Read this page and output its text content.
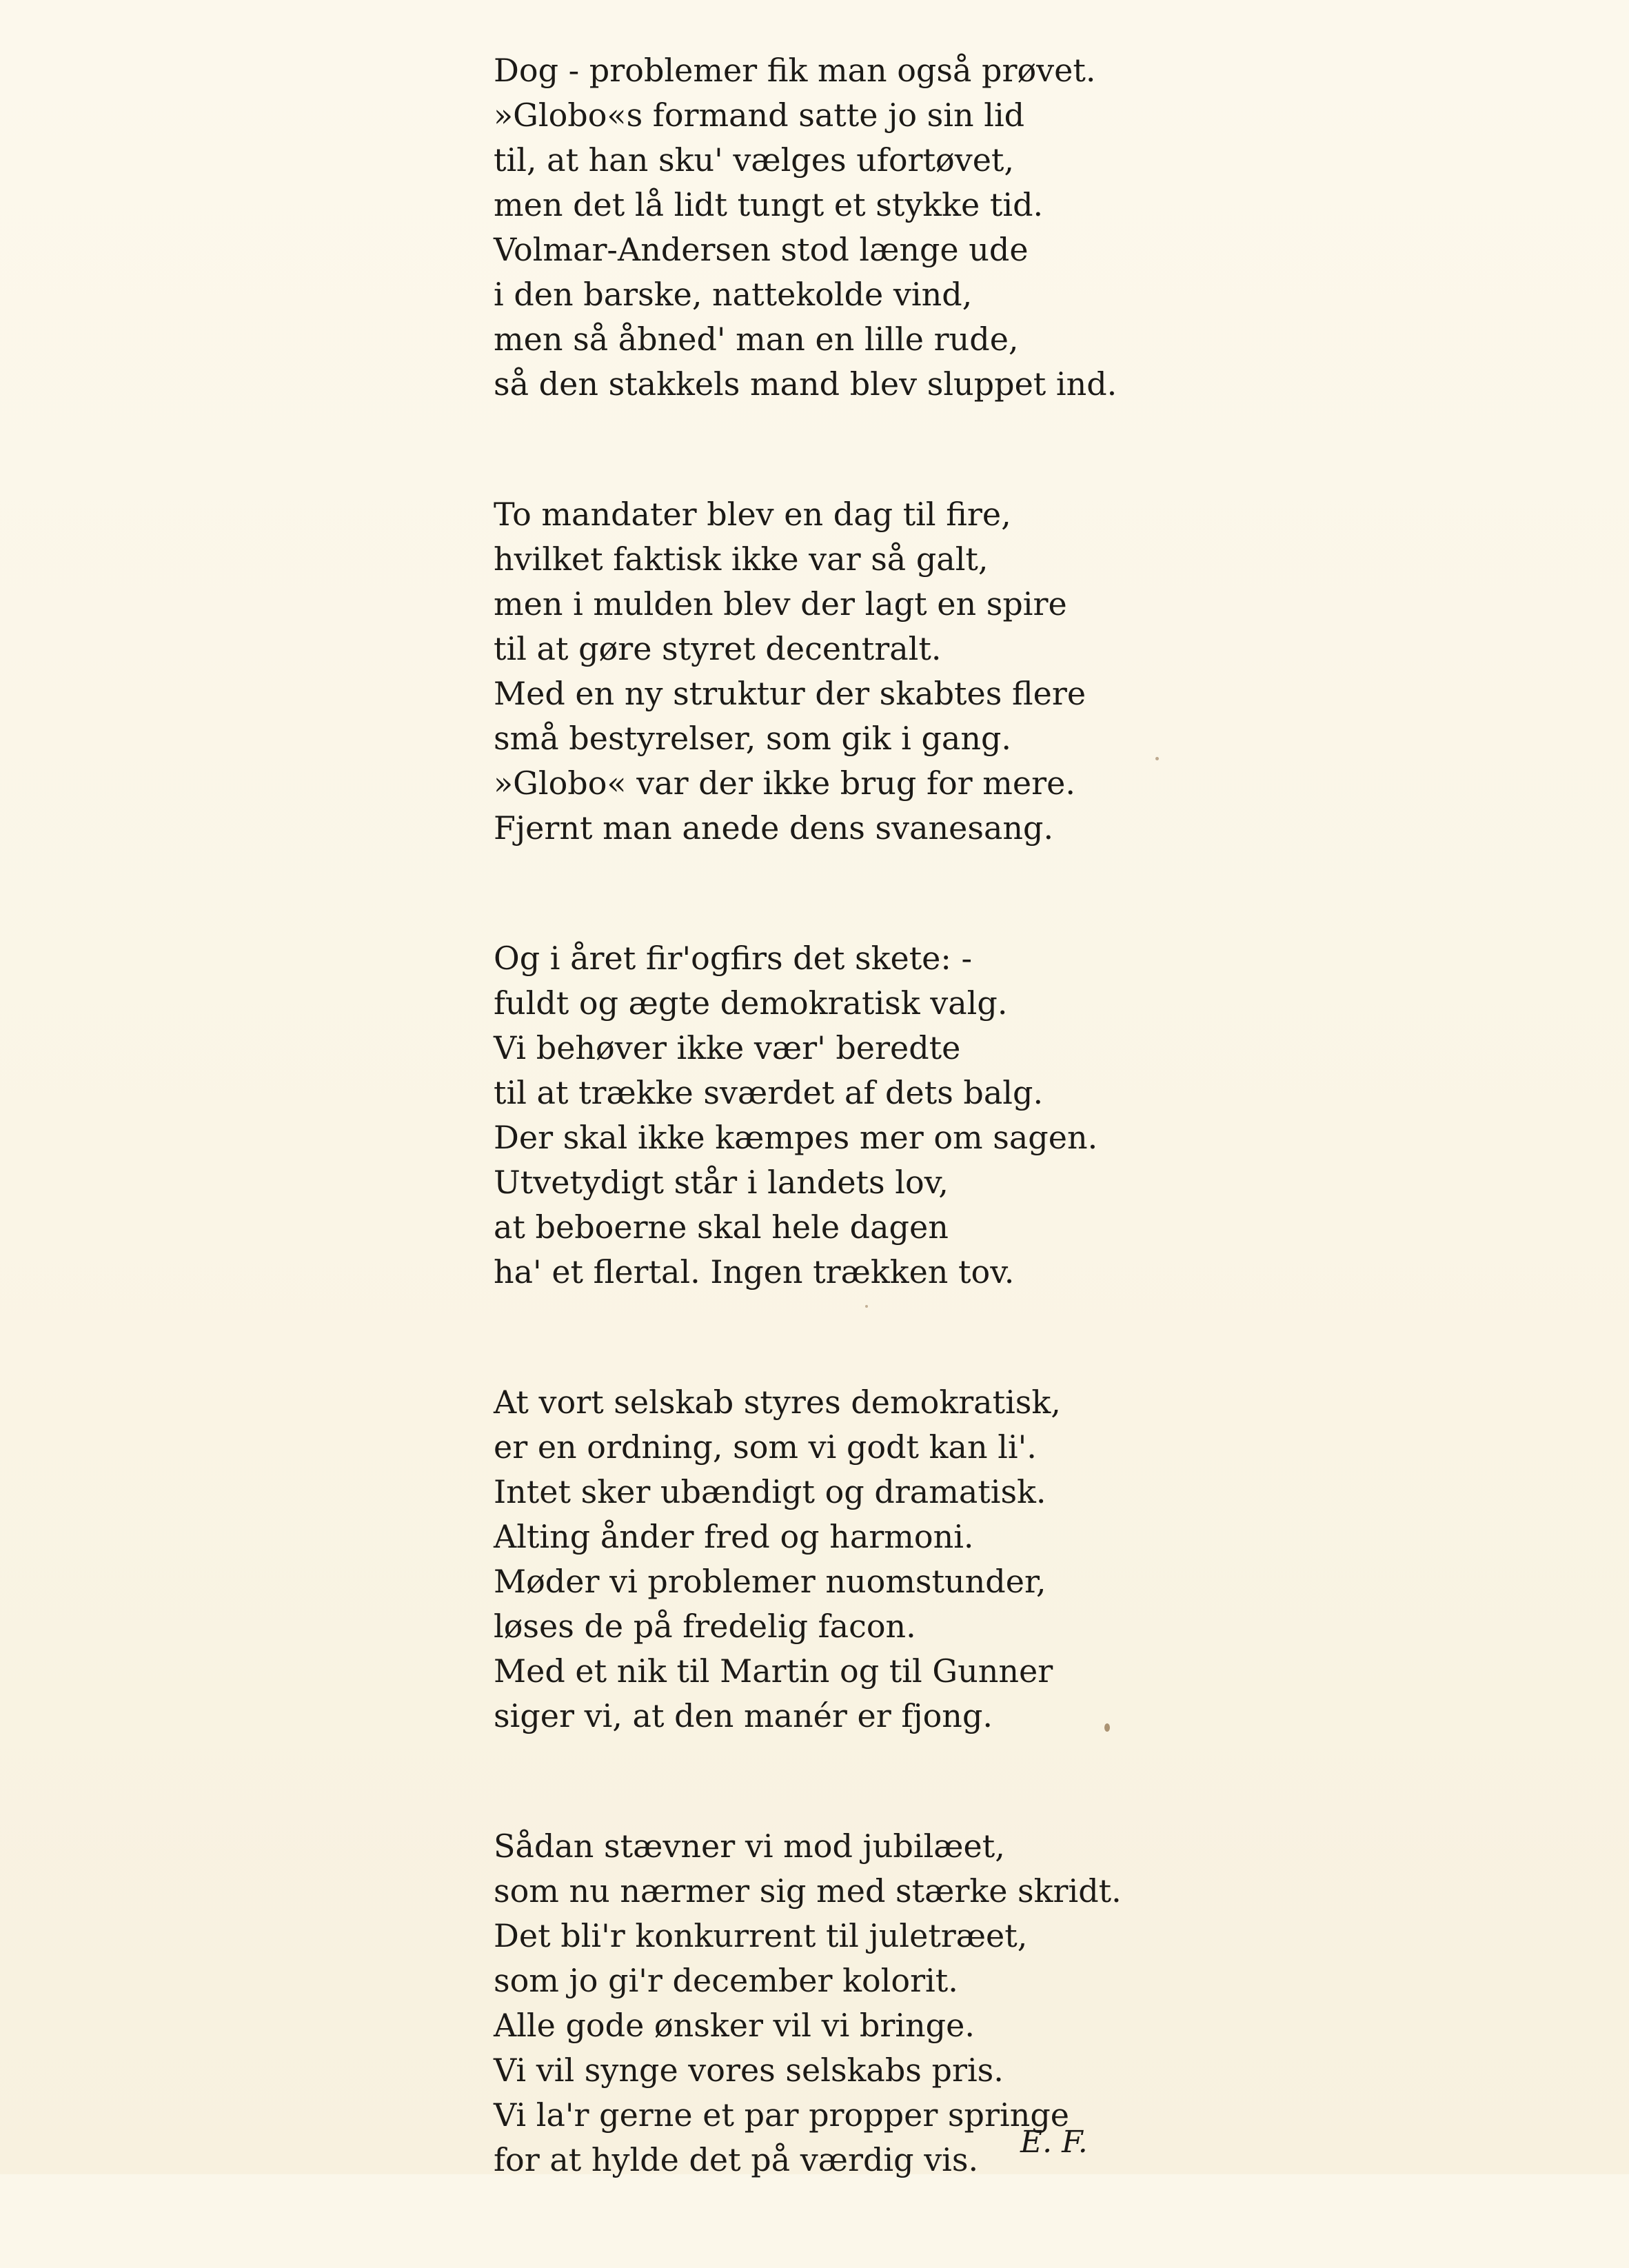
Dog - problemer fik man også prøvet.
»Globo«s formand satte jo sin lid
til, at han sku' vælges ufortøvet,
men det lå lidt tungt et stykke tid.
Volmar-Andersen stod længe ude
i den barske, nattekolde vind,
men så åbned' man en lille rude,
så den stakkels mand blev sluppet ind.
To mandater blev en dag til fire,
hvilket faktisk ikke var så galt,
men i mulden blev der lagt en spire
til at gøre styret decentralt.
Med en ny struktur der skabtes flere
små bestyrelser, som gik i gang.
»Globo« var der ikke brug for mere.
Fjernt man anede dens svanesang.
Og i året fir'ogfirs det skete: -
fuldt og ægte demokratisk valg.
Vi behøver ikke vær' beredte
til at trække sværdet af dets balg.
Der skal ikke kæmpes mer om sagen.
Utvetydigt står i landets lov,
at beboerne skal hele dagen
ha' et flertal. Ingen trækken tov.
At vort selskab styres demokratisk,
er en ordning, som vi godt kan li'.
Intet sker ubændigt og dramatisk.
Alting ånder fred og harmoni.
Møder vi problemer nuomstunder,
løses de på fredelig facon.
Med et nik til Martin og til Gunner
siger vi, at den manér er fjong.
Sådan stævner vi mod jubilæet,
som nu nærmer sig med stærke skridt.
Det bli'r konkurrent til juletræet,
som jo gi'r december kolorit.
Alle gode ønsker vil vi bringe.
Vi vil synge vores selskabs pris.
Vi la'r gerne et par propper springe
for at hylde det på værdig vis.	E. F.
